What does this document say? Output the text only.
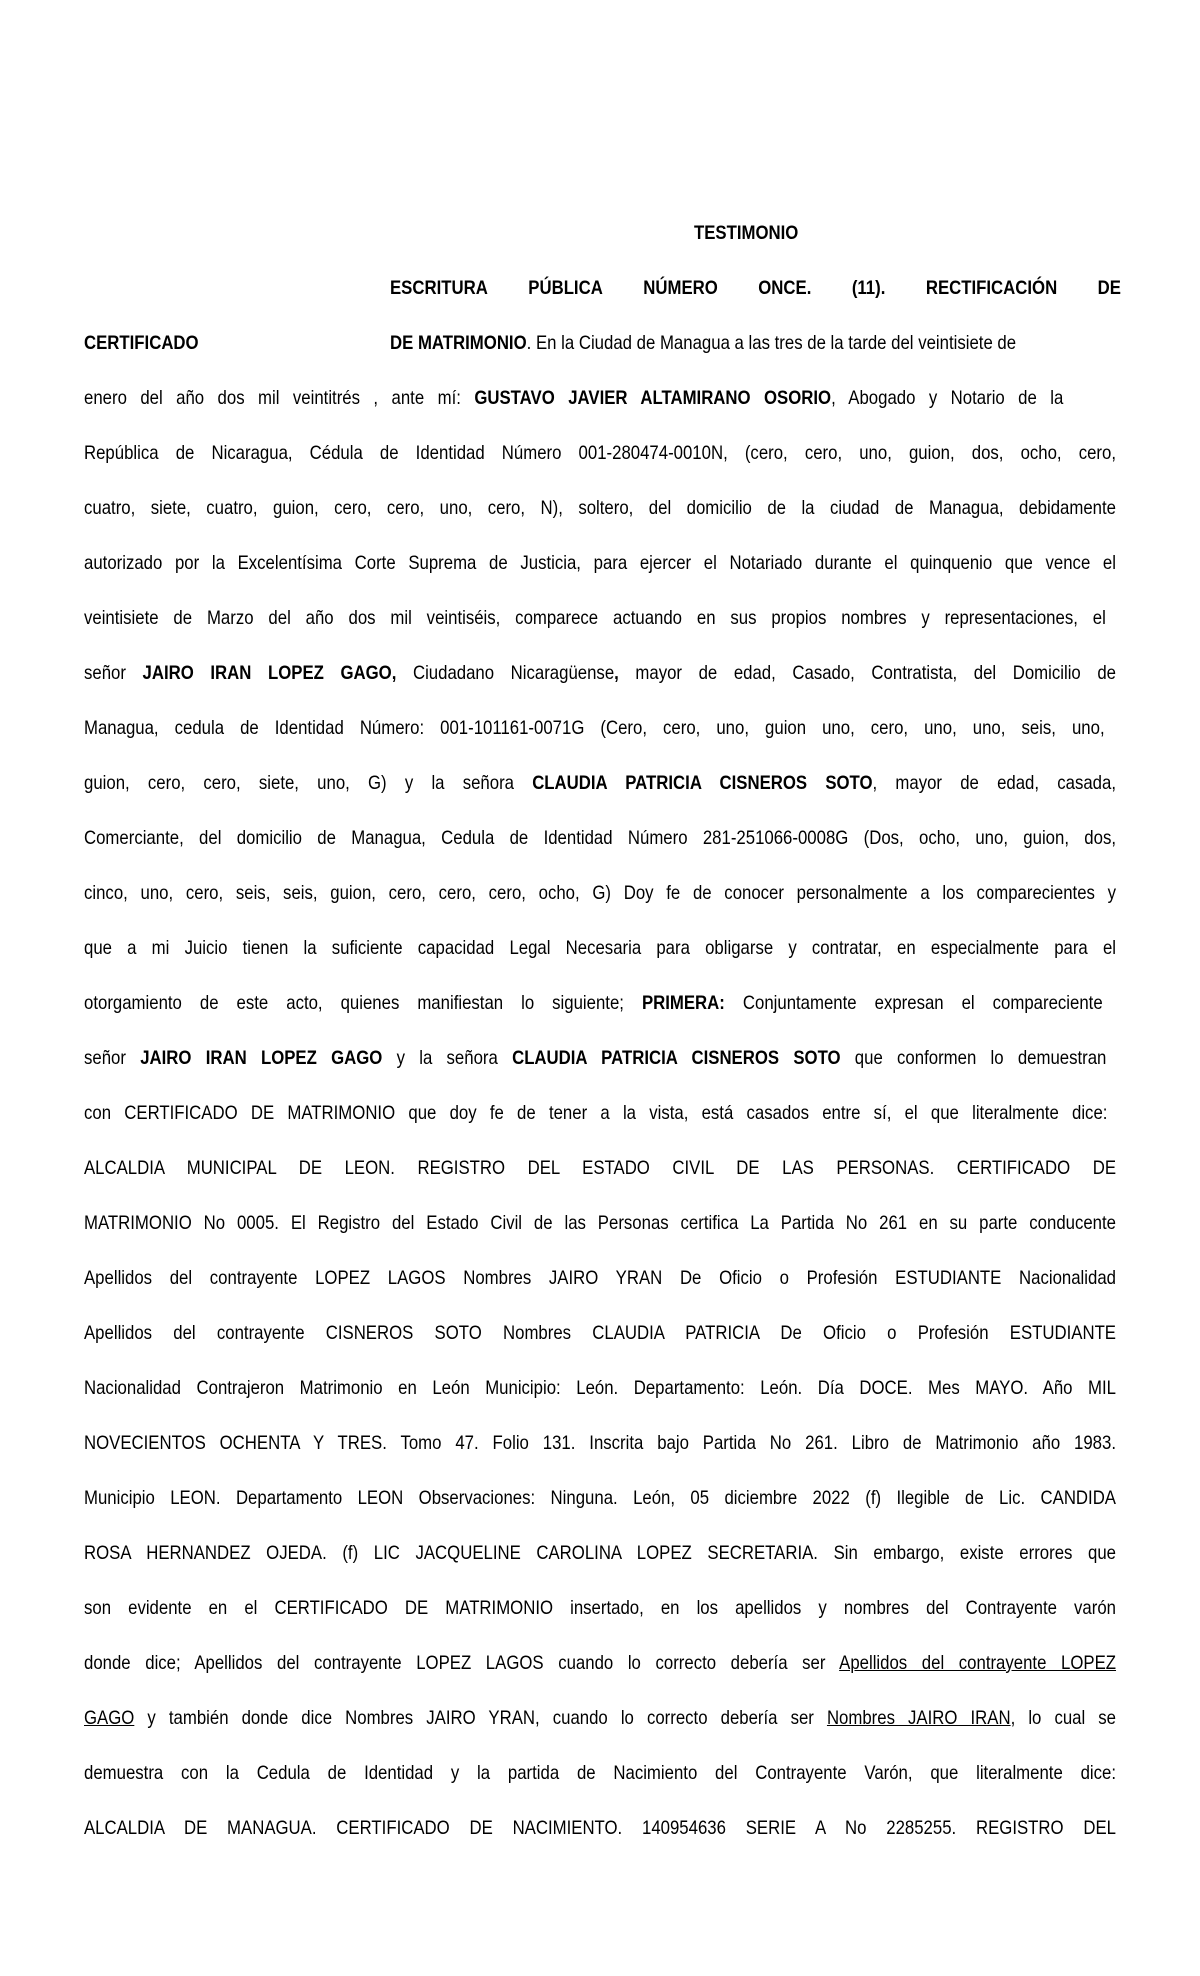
TESTIMONIO
ESCRITURA PÚBLICA NÚMERO ONCE. (11). RECTIFICACIÓN DE
CERTIFICADO	DE MATRIMONIO. En la Ciudad de Managua a las tres de la tarde del veintisiete de
enero del año dos mil veintitrés , ante mí: GUSTAVO JAVIER ALTAMIRANO OSORIO, Abogado y Notario de la
República de Nicaragua, Cédula de Identidad Número 001-280474-0010N, (cero, cero, uno, guion, dos, ocho, cero,
cuatro, siete, cuatro, guion, cero, cero, uno, cero, N), soltero, del domicilio de la ciudad de Managua, debidamente
autorizado por la Excelentísima Corte Suprema de Justicia, para ejercer el Notariado durante el quinquenio que vence el
veintisiete de Marzo del año dos mil veintiséis, comparece actuando en sus propios nombres y representaciones, el
señor JAIRO IRAN LOPEZ GAGO, Ciudadano Nicaragüense, mayor de edad, Casado, Contratista, del Domicilio de
Managua, cedula de Identidad Número: 001-101161-0071G (Cero, cero, uno, guion uno, cero, uno, uno, seis, uno,
guion, cero, cero, siete, uno, G) y la señora CLAUDIA PATRICIA CISNEROS SOTO, mayor de edad, casada,
Comerciante, del domicilio de Managua, Cedula de Identidad Número 281-251066-0008G (Dos, ocho, uno, guion, dos,
cinco, uno, cero, seis, seis, guion, cero, cero, cero, ocho, G) Doy fe de conocer personalmente a los comparecientes y
que a mi Juicio tienen la suficiente capacidad Legal Necesaria para obligarse y contratar, en especialmente para el
otorgamiento de este acto, quienes manifiestan lo siguiente; PRIMERA: Conjuntamente expresan el compareciente
señor JAIRO IRAN LOPEZ GAGO y la señora CLAUDIA PATRICIA CISNEROS SOTO que conformen lo demuestran
con CERTIFICADO DE MATRIMONIO que doy fe de tener a la vista, está casados entre sí, el que literalmente dice:
ALCALDIA MUNICIPAL DE LEON. REGISTRO DEL ESTADO CIVIL DE LAS PERSONAS. CERTIFICADO DE
MATRIMONIO No 0005. El Registro del Estado Civil de las Personas certifica La Partida No 261 en su parte conducente
Apellidos del contrayente LOPEZ LAGOS Nombres JAIRO YRAN De Oficio o Profesión ESTUDIANTE Nacionalidad
Apellidos del contrayente CISNEROS SOTO Nombres CLAUDIA PATRICIA De Oficio o Profesión ESTUDIANTE
Nacionalidad Contrajeron Matrimonio en León Municipio: León. Departamento: León. Día DOCE. Mes MAYO. Año MIL
NOVECIENTOS OCHENTA Y TRES. Tomo 47. Folio 131. Inscrita bajo Partida No 261. Libro de Matrimonio año 1983.
Municipio LEON. Departamento LEON Observaciones: Ninguna. León, 05 diciembre 2022 (f) Ilegible de Lic. CANDIDA
ROSA HERNANDEZ OJEDA. (f) LIC JACQUELINE CAROLINA LOPEZ SECRETARIA. Sin embargo, existe errores que
son evidente en el CERTIFICADO DE MATRIMONIO insertado, en los apellidos y nombres del Contrayente varón
donde dice; Apellidos del contrayente LOPEZ LAGOS cuando lo correcto debería ser Apellidos del contrayente LOPEZ
GAGO y también donde dice Nombres JAIRO YRAN, cuando lo correcto debería ser Nombres JAIRO IRAN, lo cual se
demuestra con la Cedula de Identidad y la partida de Nacimiento del Contrayente Varón, que literalmente dice:
ALCALDIA DE MANAGUA. CERTIFICADO DE NACIMIENTO. 140954636 SERIE A No 2285255. REGISTRO DEL
